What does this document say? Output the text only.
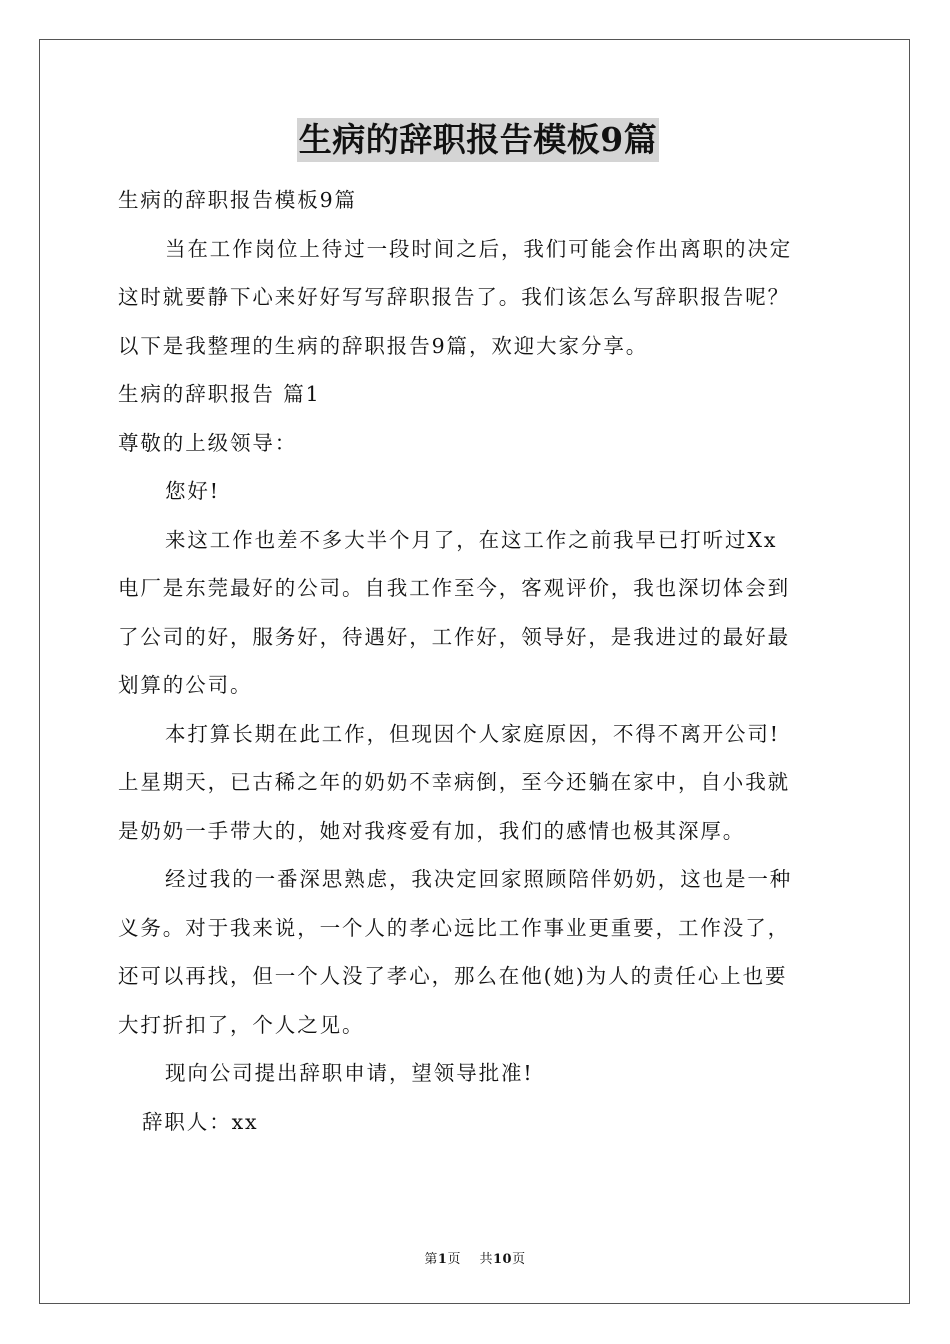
生病的辞职报告模板9篇

生病的辞职报告模板9篇

当在工作岗位上待过一段时间之后，我们可能会作出离职的决定

这时就要静下心来好好写写辞职报告了。我们该怎么写辞职报告呢？

以下是我整理的生病的辞职报告9篇，欢迎大家分享。

生病的辞职报告 篇1

尊敬的上级领导：

您好!

来这工作也差不多大半个月了，在这工作之前我早已打听过Xx

电厂是东莞最好的公司。自我工作至今，客观评价，我也深切体会到

了公司的好，服务好，待遇好，工作好，领导好，是我进过的最好最

划算的公司。

本打算长期在此工作，但现因个人家庭原因，不得不离开公司!

上星期天，已古稀之年的奶奶不幸病倒，至今还躺在家中，自小我就

是奶奶一手带大的，她对我疼爱有加，我们的感情也极其深厚。

经过我的一番深思熟虑，我决定回家照顾陪伴奶奶，这也是一种

义务。对于我来说，一个人的孝心远比工作事业更重要，工作没了，

还可以再找，但一个人没了孝心，那么在他(她)为人的责任心上也要

大打折扣了，个人之见。

现向公司提出辞职申请，望领导批准!

辞职人：xx

第1页 共10页
